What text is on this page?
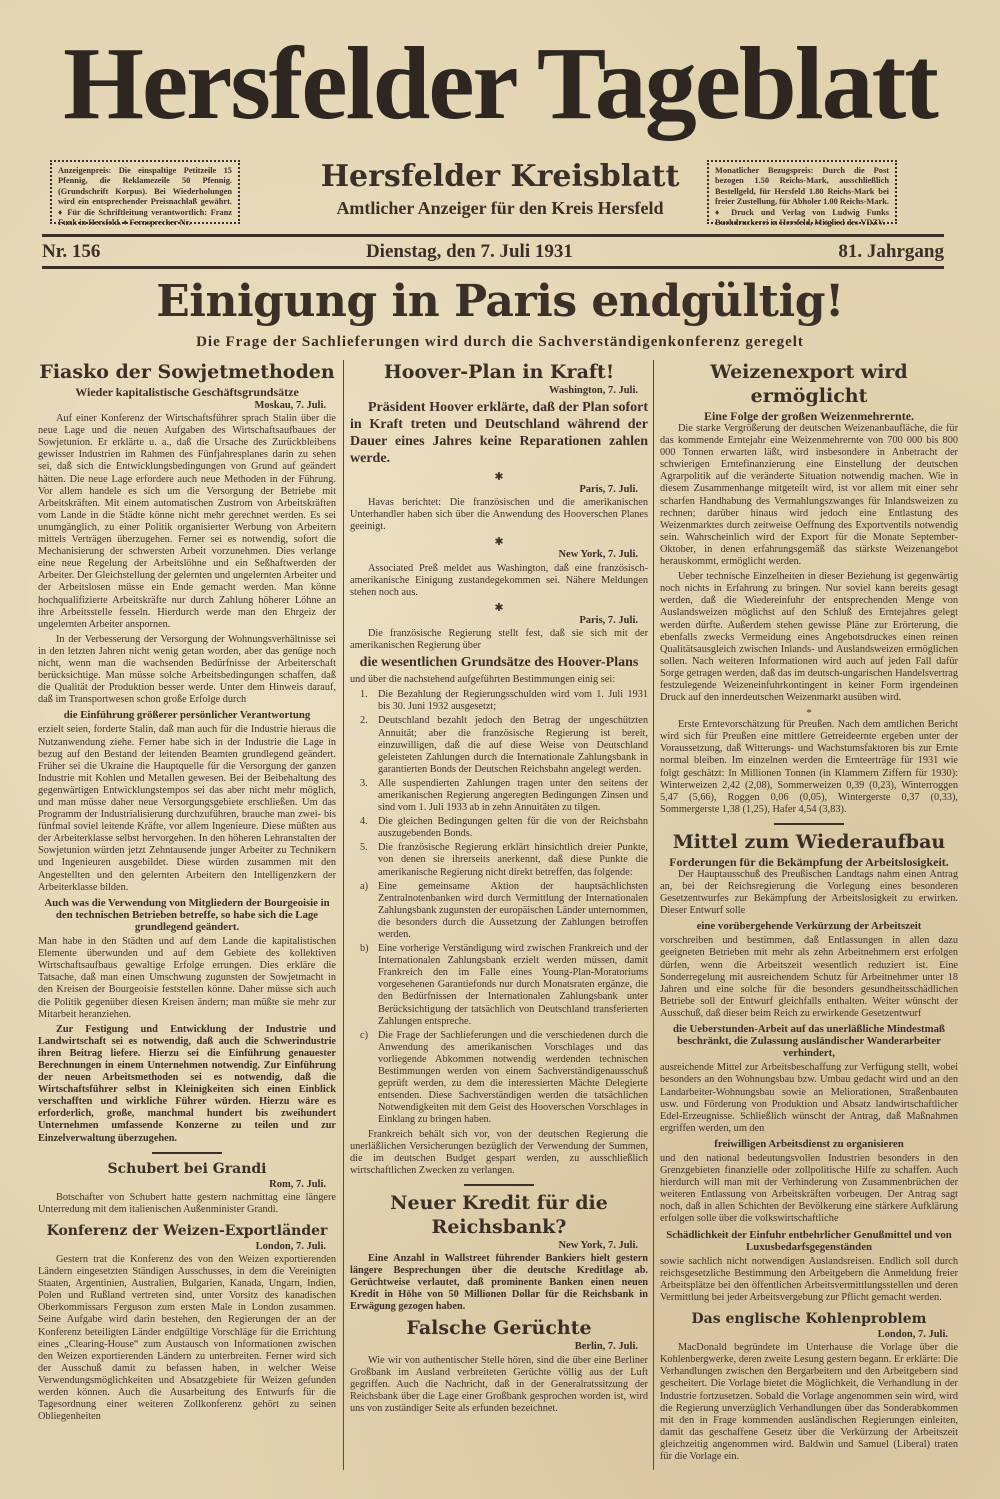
Hersfelder Tageblatt
Anzeigenpreis: Die einspaltige Petitzeile 15 Pfennig, die Reklamezeile 50 Pfennig. (Grundschrift Korpus). Bei Wiederholungen wird ein entsprechender Preisnachlaß gewährt. ♦ Für die Schriftleitung verantwortlich: Franz Funk in Hersfeld. ♦ Fernsprecher Nr.
Hersfelder Kreisblatt
Amtlicher Anzeiger für den Kreis Hersfeld
Monatlicher Bezugspreis: Durch die Post bezogen 1.50 Reichs-Mark, ausschließlich Bestellgeld, für Hersfeld 1.80 Reichs-Mark bei freier Zustellung, für Abholer 1.00 Reichs-Mark. ♦ Druck und Verlag von Ludwig Funks Buchdruckerei in Hersfeld, Mitglied des VDZV.
Nr. 156	Dienstag, den 7. Juli 1931	81. Jahrgang
Einigung in Paris endgültig!
Die Frage der Sachlieferungen wird durch die Sachverständigenkonferenz geregelt
Fiasko der Sowjetmethoden
Wieder kapitalistische Geschäftsgrundsätze
Moskau, 7. Juli.
Auf einer Konferenz der Wirtschaftsführer sprach Stalin über die neue Lage und die neuen Aufgaben des Wirtschaftsaufbaues der Sowjetunion. Er erklärte u. a., daß die Ursache des Zurückbleibens gewisser Industrien im Rahmen des Fünfjahresplanes darin zu sehen sei, daß sich die Entwicklungsbedingungen von Grund auf geändert hätten. Die neue Lage erfordere auch neue Methoden in der Führung. Vor allem handele es sich um die Versorgung der Betriebe mit Arbeitskräften. Mit einem automatischen Zustrom von Arbeitskräften vom Lande in die Städte könne nicht mehr gerechnet werden. Es sei unumgänglich, zu einer Politik organisierter Werbung von Arbeitern mittels Verträgen überzugehen. Ferner sei es notwendig, sofort die Mechanisierung der schwersten Arbeit vorzunehmen. Dies verlange eine neue Regelung der Arbeitslöhne und ein Seßhaftwerden der Arbeiter. Der Gleichstellung der gelernten und ungelernten Arbeiter und der Arbeitslosen müsse ein Ende gemacht werden. Man könne hochqualifizierte Arbeitskräfte nur durch Zahlung höherer Löhne an ihre Arbeitsstelle fesseln. Hierdurch werde man den Ehrgeiz der ungelernten Arbeiter anspornen.
In der Verbesserung der Versorgung der Wohnungsverhältnisse sei in den letzten Jahren nicht wenig getan worden, aber das genüge noch nicht, wenn man die wachsenden Bedürfnisse der Arbeiterschaft berücksichtige. Man müsse solche Arbeitsbedingungen schaffen, daß die Qualität der Produktion besser werde. Unter dem Hinweis darauf, daß im Transportwesen schon große Erfolge durch
die Einführung größerer persönlicher Verantwortung
erzielt seien, forderte Stalin, daß man auch für die Industrie hieraus die Nutzanwendung ziehe. Ferner habe sich in der Industrie die Lage in bezug auf den Bestand der leitenden Beamten grundlegend geändert. Früher sei die Ukraine die Hauptquelle für die Versorgung der ganzen Industrie mit Kohlen und Metallen gewesen. Bei der Beibehaltung des gegenwärtigen Entwicklungstempos sei das aber nicht mehr möglich, und man müsse daher neue Versorgungsgebiete erschließen. Um das Programm der Industrialisierung durchzuführen, brauche man zwei- bis fünfmal soviel leitende Kräfte, vor allem Ingenieure. Diese müßten aus der Arbeiterklasse selbst hervorgehen. In den höheren Lehranstalten der Sowjetunion würden jetzt Zehntausende junger Arbeiter zu Technikern und Ingenieuren ausgebildet. Diese würden zusammen mit den Angestellten und den gelernten Arbeitern den Intelligenzkern der Arbeiterklasse bilden.
Auch was die Verwendung von Mitgliedern der Bourgeoisie in den technischen Betrieben betreffe, so habe sich die Lage grundlegend geändert.
Man habe in den Städten und auf dem Lande die kapitalistischen Elemente überwunden und auf dem Gebiete des kollektiven Wirtschaftsaufbaus gewaltige Erfolge errungen. Dies erkläre die Tatsache, daß man einen Umschwung zugunsten der Sowjetmacht in den Kreisen der Bourgeoisie feststellen könne. Daher müsse sich auch die Politik gegenüber diesen Kreisen ändern; man müßte sie mehr zur Mitarbeit heranziehen.
Zur Festigung und Entwicklung der Industrie und Landwirtschaft sei es notwendig, daß auch die Schwerindustrie ihren Beitrag liefere. Hierzu sei die Einführung genauester Berechnungen in einem Unternehmen notwendig. Zur Einführung der neuen Arbeitsmethoden sei es notwendig, daß die Wirtschaftsführer selbst in Kleinigkeiten sich einen Einblick verschafften und wirkliche Führer würden. Hierzu wäre es erforderlich, große, manchmal hundert bis zweihundert Unternehmen umfassende Konzerne zu teilen und zur Einzelverwaltung überzugehen.
Schubert bei Grandi
Rom, 7. Juli.
Botschafter von Schubert hatte gestern nachmittag eine längere Unterredung mit dem italienischen Außenminister Grandi.
Konferenz der Weizen-Exportländer
London, 7. Juli.
Gestern trat die Konferenz des von den Weizen exportierenden Ländern eingesetzten Ständigen Ausschusses, in dem die Vereinigten Staaten, Argentinien, Australien, Bulgarien, Kanada, Ungarn, Indien, Polen und Rußland vertreten sind, unter Vorsitz des kanadischen Oberkommissars Ferguson zum ersten Male in London zusammen. Seine Aufgabe wird darin bestehen, den Regierungen der an der Konferenz beteiligten Länder endgültige Vorschläge für die Errichtung eines „Clearing-House“ zum Austausch von Informationen zwischen den Weizen exportierenden Ländern zu unterbreiten. Ferner wird sich der Ausschuß damit zu befassen haben, in welcher Weise Verwendungsmöglichkeiten und Absatzgebiete für Weizen gefunden werden können. Auch die Ausarbeitung des Entwurfs für die Tagesordnung einer weiteren Zollkonferenz gehört zu seinen Obliegenheiten
Hoover-Plan in Kraft!
Washington, 7. Juli.
Präsident Hoover erklärte, daß der Plan sofort in Kraft treten und Deutschland während der Dauer eines Jahres keine Reparationen zahlen werde.
✱
Paris, 7. Juli.
Havas berichtet: Die französischen und die amerikanischen Unterhandler haben sich über die Anwendung des Hooverschen Planes geeinigt.
✱
New York, 7. Juli.
Associated Preß meldet aus Washington, daß eine französisch-amerikanische Einigung zustandegekommen sei. Nähere Meldungen stehen noch aus.
✱
Paris, 7. Juli.
Die französische Regierung stellt fest, daß sie sich mit der amerikanischen Regierung über
die wesentlichen Grundsätze des Hoover-Plans
und über die nachstehend aufgeführten Bestimmungen einig sei:
1. Die Bezahlung der Regierungsschulden wird vom 1. Juli 1931 bis 30. Juni 1932 ausgesetzt;
2. Deutschland bezahlt jedoch den Betrag der ungeschützten Annuität; aber die französische Regierung ist bereit, einzuwilligen, daß die auf diese Weise von Deutschland geleisteten Zahlungen durch die Internationale Zahlungsbank in garantierten Bonds der Deutschen Reichsbahn angelegt werden.
3. Alle suspendierten Zahlungen tragen unter den seitens der amerikanischen Regierung angeregten Bedingungen Zinsen und sind vom 1. Juli 1933 ab in zehn Annuitäten zu tilgen.
4. Die gleichen Bedingungen gelten für die von der Reichsbahn auszugebenden Bonds.
5. Die französische Regierung erklärt hinsichtlich dreier Punkte, von denen sie ihrerseits anerkennt, daß diese Punkte die amerikanische Regierung nicht direkt betreffen, das folgende:
a) Eine gemeinsame Aktion der hauptsächlichsten Zentralnotenbanken wird durch Vermittlung der Internationalen Zahlungsbank zugunsten der europäischen Länder unternommen, die besonders durch die Aussetzung der Zahlungen betroffen werden.
b) Eine vorherige Verständigung wird zwischen Frankreich und der Internationalen Zahlungsbank erzielt werden müssen, damit Frankreich den im Falle eines Young-Plan-Moratoriums vorgesehenen Garantiefonds nur durch Monatsraten ergänze, die den Bedürfnissen der Internationalen Zahlungsbank unter Berücksichtigung der tatsächlich von Deutschland transferierten Zahlungen entspreche.
c) Die Frage der Sachlieferungen und die verschiedenen durch die Anwendung des amerikanischen Vorschlages und das vorliegende Abkommen notwendig werdenden technischen Bestimmungen werden von einem Sachverständigenausschuß geprüft werden, zu dem die interessierten Mächte Delegierte entsenden. Diese Sachverständigen werden die tatsächlichen Notwendigkeiten mit dem Geist des Hooverschen Vorschlages in Einklang zu bringen haben.
Frankreich behält sich vor, von der deutschen Regierung die unerläßlichen Versicherungen bezüglich der Verwendung der Summen, die im deutschen Budget gespart werden, zu ausschließlich wirtschaftlichen Zwecken zu verlangen.
Neuer Kredit für die Reichsbank?
New York, 7. Juli.
Eine Anzahl in Wallstreet führender Bankiers hielt gestern längere Besprechungen über die deutsche Kreditlage ab. Gerüchtweise verlautet, daß prominente Banken einen neuen Kredit in Höhe von 50 Millionen Dollar für die Reichsbank in Erwägung gezogen haben.
Falsche Gerüchte
Berlin, 7. Juli.
Wie wir von authentischer Stelle hören, sind die über eine Berliner Großbank im Ausland verbreiteten Gerüchte völlig aus der Luft gegriffen. Auch die Nachricht, daß in der Generalratssitzung der Reichsbank über die Lage einer Großbank gesprochen worden ist, wird uns von zuständiger Seite als erfunden bezeichnet.
Weizenexport wird ermöglicht
Eine Folge der großen Weizenmehrernte.
Die starke Vergrößerung der deutschen Weizenanbaufläche, die für das kommende Erntejahr eine Weizenmehrernte von 700 000 bis 800 000 Tonnen erwarten läßt, wird insbesondere in Anbetracht der schwierigen Erntefinanzierung eine Einstellung der deutschen Agrarpolitik auf die veränderte Situation notwendig machen. Wie in diesem Zusammenhange mitgeteilt wird, ist vor allem mit einer sehr scharfen Handhabung des Vermahlungszwanges für Inlandsweizen zu rechnen; darüber hinaus wird jedoch eine Entlastung des Weizenmarktes durch zeitweise Oeffnung des Exportventils notwendig sein. Wahrscheinlich wird der Export für die Monate September-Oktober, in denen erfahrungsgemäß das stärkste Weizenangebot herauskommt, ermöglicht werden.
Ueber technische Einzelheiten in dieser Beziehung ist gegenwärtig noch nichts in Erfahrung zu bringen. Nur soviel kann bereits gesagt werden, daß die Wiedereinfuhr der entsprechenden Menge von Auslandsweizen möglichst auf den Schluß des Erntejahres gelegt werden dürfte. Außerdem stehen gewisse Pläne zur Erörterung, die ebenfalls zwecks Vermeidung eines Angebotsdruckes einen reinen Qualitätsausgleich zwischen Inlands- und Auslandsweizen ermöglichen sollen. Nach weiteren Informationen wird auch auf jeden Fall dafür Sorge getragen werden, daß das im deutsch-ungarischen Handelsvertrag festzulegende Weizeneinfuhrkontingent in keiner Form irgendeinen Druck auf den innerdeutschen Weizenmarkt ausüben wird.
*
Erste Erntevorschätzung für Preußen. Nach dem amtlichen Bericht wird sich für Preußen eine mittlere Getreideernte ergeben unter der Voraussetzung, daß Witterungs- und Wachstumsfaktoren bis zur Ernte normal bleiben. Im einzelnen werden die Ernteerträge für 1931 wie folgt geschätzt: In Millionen Tonnen (in Klammern Ziffern für 1930): Winterweizen 2,42 (2,08), Sommerweizen 0,39 (0,23), Winterroggen 5,47 (5,66), Roggen 0,06 (0,05), Wintergerste 0,37 (0,33), Sommergerste 1,38 (1,25), Hafer 4,54 (3,83).
Mittel zum Wiederaufbau
Forderungen für die Bekämpfung der Arbeitslosigkeit.
Der Hauptausschuß des Preußischen Landtags nahm einen Antrag an, bei der Reichsregierung die Vorlegung eines besonderen Gesetzentwurfes zur Bekämpfung der Arbeitslosigkeit zu erwirken. Dieser Entwurf solle
eine vorübergehende Verkürzung der Arbeitszeit
vorschreiben und bestimmen, daß Entlassungen in allen dazu geeigneten Betrieben mit mehr als zehn Arbeitnehmern erst erfolgen dürfen, wenn die Arbeitszeit wesentlich reduziert ist. Eine Sonderregelung mit ausreichendem Schutz für Arbeitnehmer unter 18 Jahren und eine solche für die besonders gesundheitsschädlichen Betriebe soll der Entwurf gleichfalls enthalten. Weiter wünscht der Ausschuß, daß dieser beim Reich zu erwirkende Gesetzentwurf
die Ueberstunden-Arbeit auf das unerläßliche Mindestmaß beschränkt, die Zulassung ausländischer Wanderarbeiter verhindert,
ausreichende Mittel zur Arbeitsbeschaffung zur Verfügung stellt, wobei besonders an den Wohnungsbau bzw. Umbau gedacht wird und an den Landarbeiter-Wohnungsbau sowie an Meliorationen, Straßenbauten usw. und Förderung von Produktion und Absatz landwirtschaftlicher Edel-Erzeugnisse. Schließlich wünscht der Antrag, daß Maßnahmen ergriffen werden, um den
freiwilligen Arbeitsdienst zu organisieren
und den national bedeutungsvollen Industrien besonders in den Grenzgebieten finanzielle oder zollpolitische Hilfe zu schaffen. Auch hierdurch will man mit der Verhinderung von Zusammenbrüchen der weiteren Entlassung von Arbeitskräften vorbeugen. Der Antrag sagt noch, daß in allen Schichten der Bevölkerung eine stärkere Aufklärung erfolgen solle über die volkswirtschaftliche
Schädlichkeit der Einfuhr entbehrlicher Genußmittel und von Luxusbedarfsgegenständen
sowie sachlich nicht notwendigen Auslandsreisen. Endlich soll durch reichsgesetzliche Bestimmung den Arbeitgebern die Anmeldung freier Arbeitsplätze bei den öffentlichen Arbeitsvermittlungsstellen und deren Vermittlung bei jeder Arbeitsvergebung zur Pflicht gemacht werden.
Das englische Kohlenproblem
London, 7. Juli.
MacDonald begründete im Unterhause die Vorlage über die Kohlenbergwerke, deren zweite Lesung gestern begann. Er erklärte: Die Verhandlungen zwischen den Bergarbeitern und den Arbeitgebern sind gescheitert. Die Vorlage bietet die Möglichkeit, die Verhandlung in der Industrie fortzusetzen. Sobald die Vorlage angenommen sein wird, wird die Regierung unverzüglich Verhandlungen über das Sonderabkommen mit den in Frage kommenden ausländischen Regierungen einleiten, damit das geschaffene Gesetz über die Verkürzung der Arbeitszeit gleichzeitig angenommen wird. Baldwin und Samuel (Liberal) traten für die Vorlage ein.
